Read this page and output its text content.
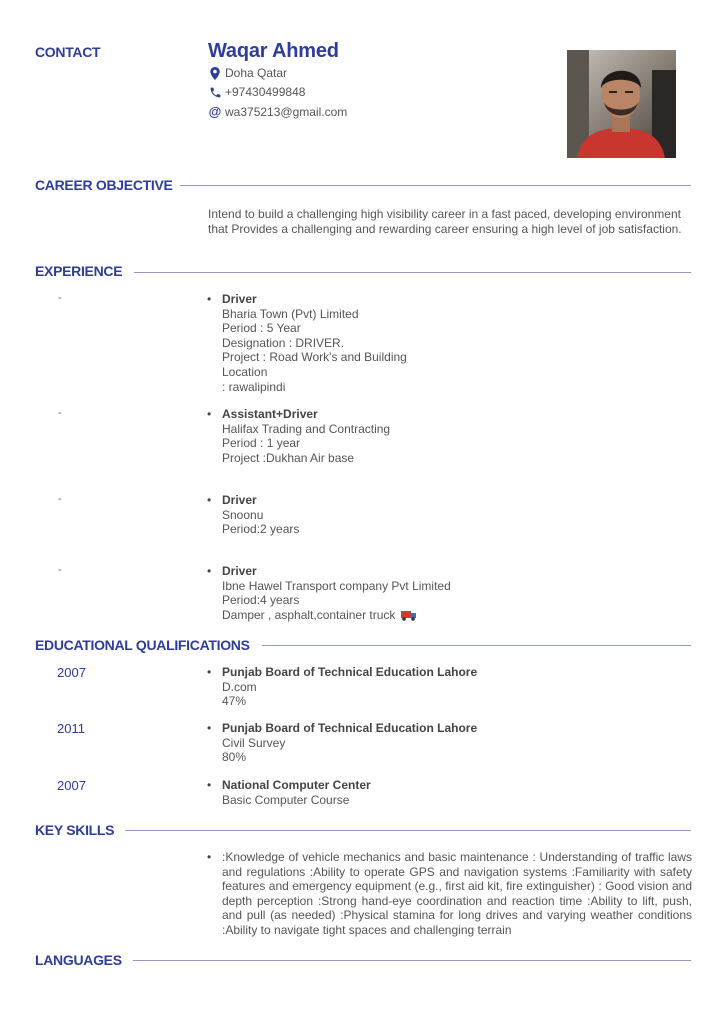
CONTACT	Waqar Ahmed
Doha Qatar
+97430499848
@ wa375213@gmail.com
CAREER OBJECTIVE
Intend to build a challenging high visibility career in a fast paced, developing environment that Provides a challenging and rewarding career ensuring a high level of job satisfaction.
EXPERIENCE
-	• Driver
Bharia Town (Pvt) Limited
Period : 5 Year
Designation : DRIVER.
Project : Road Work's and Building
Location
: rawalipindi
-	• Assistant+Driver
Halifax Trading and Contracting
Period : 1 year
Project :Dukhan Air base
-	• Driver
Snoonu
Period:2 years
-	• Driver
Ibne Hawel Transport company Pvt Limited
Period:4 years
Damper , asphalt,container truck
EDUCATIONAL QUALIFICATIONS
2007	• Punjab Board of Technical Education Lahore
D.com
47%
2011	• Punjab Board of Technical Education Lahore
Civil Survey
80%
2007	• National Computer Center
Basic Computer Course
KEY SKILLS
• :Knowledge of vehicle mechanics and basic maintenance : Understanding of traffic laws and regulations :Ability to operate GPS and navigation systems :Familiarity with safety features and emergency equipment (e.g., first aid kit, fire extinguisher) : Good vision and depth perception :Strong hand-eye coordination and reaction time :Ability to lift, push, and pull (as needed) :Physical stamina for long drives and varying weather conditions :Ability to navigate tight spaces and challenging terrain
LANGUAGES
